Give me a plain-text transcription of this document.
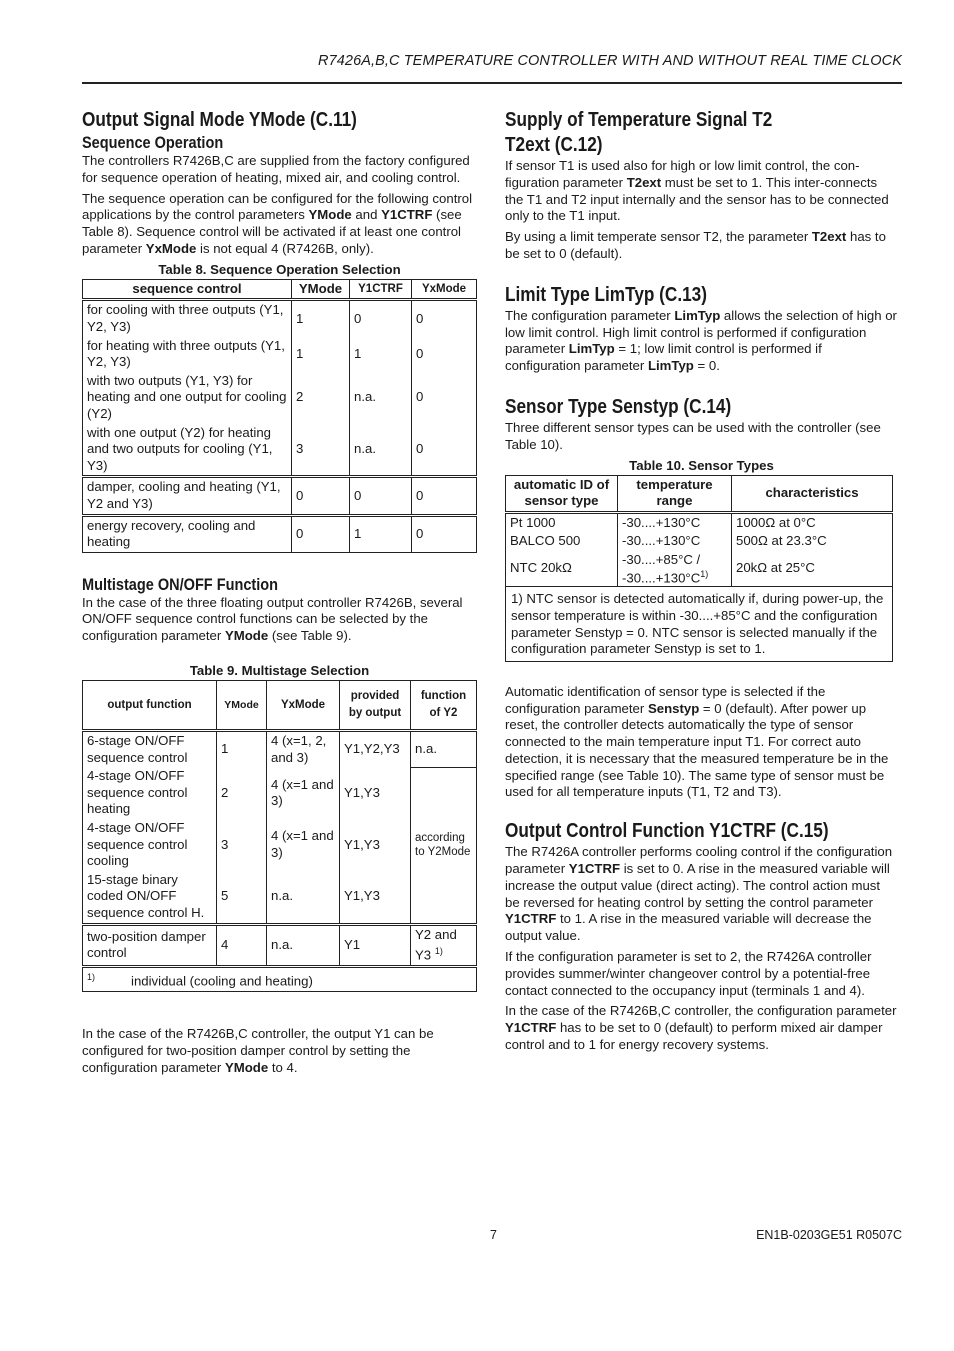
R7426A,B,C TEMPERATURE CONTROLLER WITH AND WITHOUT REAL TIME CLOCK
Output Signal Mode YMode (C.11)
Sequence Operation

The controllers R7426B,C are supplied from the factory configured for sequence operation of heating, mixed air, and cooling control.

The sequence operation can be configured for the following control applications by the control parameters YMode and Y1CTRF (see Table 8). Sequence control will be activated if at least one control parameter YxMode is not equal 4 (R7426B, only).

Table 8. Sequence Operation Selection
sequence control	YMode	Y1CTRF	YxMode
for cooling with three outputs (Y1, Y2, Y3)	1	0	0
for heating with three outputs (Y1, Y2, Y3)	1	1	0
with two outputs (Y1, Y3) for heating and one output for cooling (Y2)	2	n.a.	0
with one output (Y2) for heating and two outputs for cooling (Y1, Y3)	3	n.a.	0
damper, cooling and heating (Y1, Y2 and Y3)	0	0	0
energy recovery, cooling and heating	0	1	0
Multistage ON/OFF Function

In the case of the three floating output controller R7426B, several ON/OFF sequence control functions can be selected by the configuration parameter YMode (see Table 9).

Table 9. Multistage Selection
output function	YMode	YxMode	provided by output	function of Y2
6-stage ON/OFF sequence control	1	4 (x=1, 2, and 3)	Y1,Y2,Y3	n.a.
4-stage ON/OFF sequence control heating	2	4 (x=1 and 3)	Y1,Y3	according to Y2Mode
4-stage ON/OFF sequence control cooling	3	4 (x=1 and 3)	Y1,Y3	
15-stage binary coded ON/OFF sequence control H.	5	n.a.	Y1,Y3	
two-position damper control	4	n.a.	Y1	Y2 and Y3 $^{1)}$
$^{1)}$ individual (cooling and heating)				

In the case of the R7426B,C controller, the output Y1 can be configured for two-position damper control by setting the configuration parameter YMode to 4.

Supply of Temperature Signal T2
T2ext (C.12)

If sensor T1 is used also for high or low limit control, the con-figuration parameter T2ext must be set to 1. This inter-connects the T1 and T2 input internally and the sensor has to be connected only to the T1 input.

By using a limit temperate sensor T2, the parameter T2ext has to be set to 0 (default).

Limit Type LimTyp (C.13)

The configuration parameter LimTyp allows the selection of high or low limit control. High limit control is performed if configuration parameter LimTyp = 1; low limit control is performed if configuration parameter LimTyp = 0.

Sensor Type Senstyp (C.14)

Three different sensor types can be used with the controller (see Table 10).

Table 10. Sensor Types
automatic ID of sensor type	temperature range	characteristics
Pt 1000	-30....+130°C	1000Ω at 0°C
BALCO 500	-30....+130°C	500Ω at 23.3°C
NTC 20kΩ	$-30....+85^\circ C / -30....+130^\circ C^{1)}$	20kΩ at 25°C
1) NTC sensor is detected automatically if, during power-up, the sensor temperature is within -30....+85°C and the configuration parameter Senstyp = 0. NTC sensor is selected manually if the configuration parameter Senstyp is set to 1.		

Automatic identification of sensor type is selected if the configuration parameter Senstyp = 0 (default). After power up reset, the controller detects automatically the type of sensor connected to the main temperature input T1. For correct auto detection, it is necessary that the measured temperature be in the specified range (see Table 10). The same type of sensor must be used for all temperature inputs (T1, T2 and T3).

Output Control Function Y1CTRF (C.15)

The R7426A controller performs cooling control if the configuration parameter Y1CTRF is set to 0. A rise in the measured variable will increase the output value (direct acting). The control action must be reversed for heating control by setting the control parameter Y1CTRF to 1. A rise in the measured variable will decrease the output value.

If the configuration parameter is set to 2, the R7426A controller provides summer/winter changeover control by a potential-free contact connected to the occupancy input (terminals 1 and 4).

In the case of the R7426B,C controller, the configuration parameter Y1CTRF has to be set to 0 (default) to perform mixed air damper control and to 1 for energy recovery systems.

7	EN1B-0203GE51 R0507C
